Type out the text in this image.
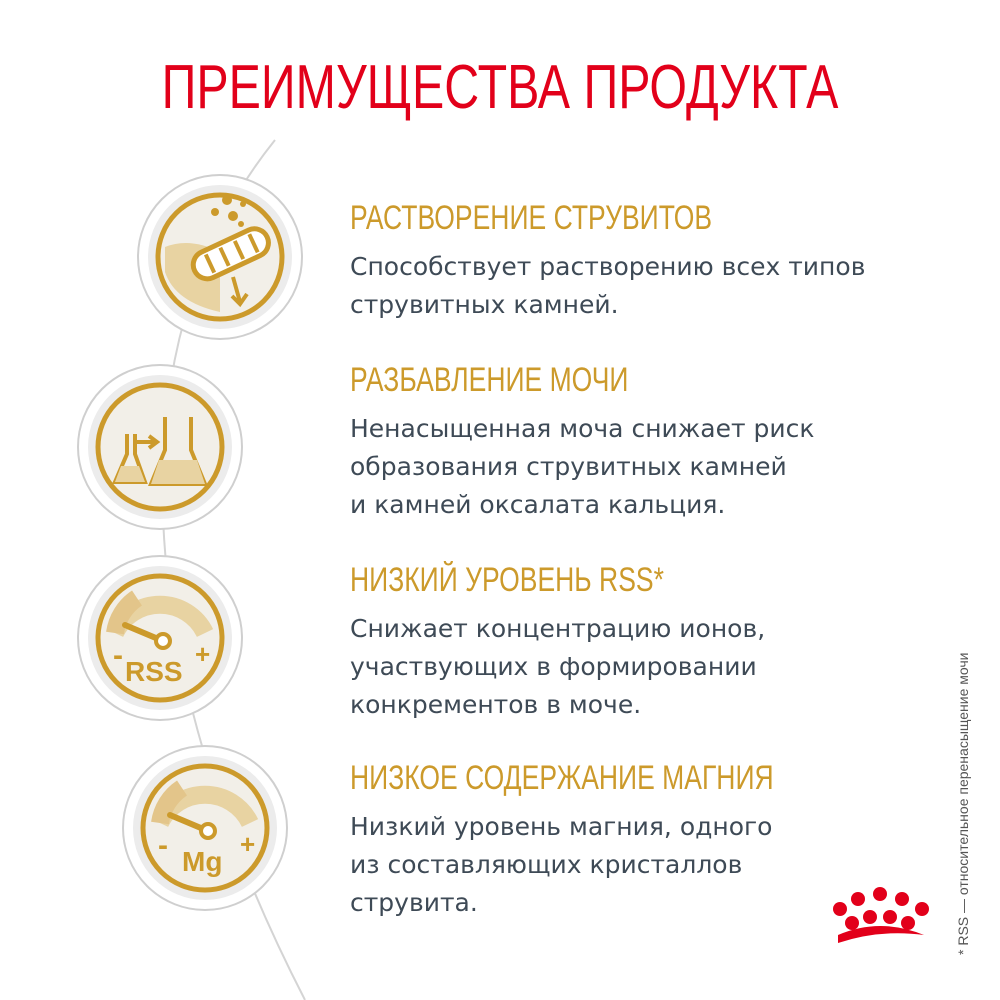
ПРЕИМУЩЕСТВА ПРОДУКТА
-	+
RSS
-	+
Mg
РАСТВОРЕНИЕ СТРУВИТОВ
Способствует растворению всех типов
струвитных камней.
РАЗБАВЛЕНИЕ МОЧИ
Ненасыщенная моча снижает риск
образования струвитных камней
и камней оксалата кальция.
НИЗКИЙ УРОВЕНЬ RSS*
Снижает концентрацию ионов,
участвующих в формировании
конкрементов в моче.
НИЗКОЕ СОДЕРЖАНИЕ МАГНИЯ
Низкий уровень магния, одного
из составляющих кристаллов
струвита.	* RSS — относительное перенасыщение мочи
